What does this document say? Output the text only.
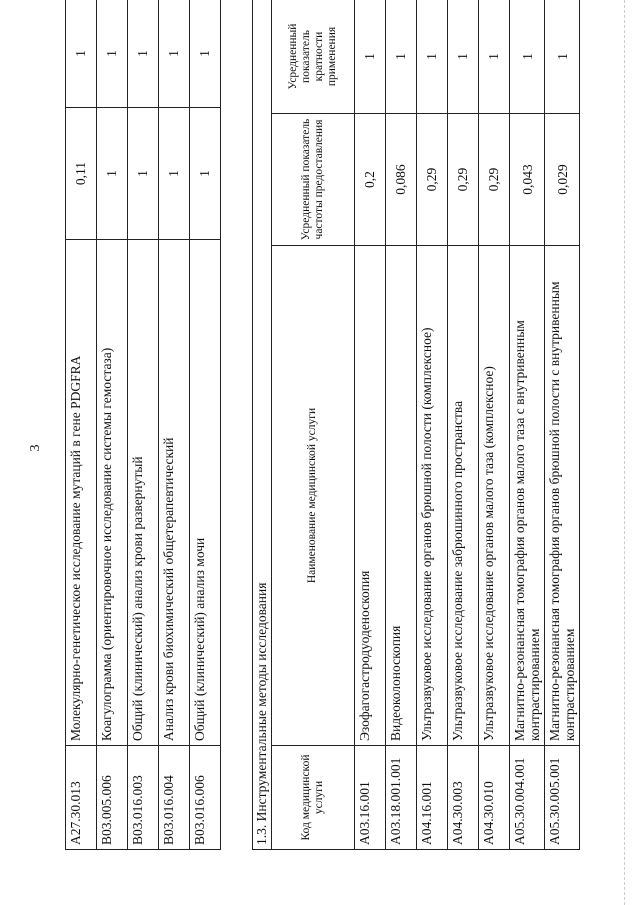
3
A27.30.013	Молекулярно-генетическое исследование мутаций в гене PDGFRA	0,11	1
B03.005.006	Коагулограмма (ориентировочное исследование системы гемостаза)	1	1
B03.016.003	Общий (клинический) анализ крови развернутый	1	1
B03.016.004	Анализ крови биохимический общетерапевтический	1	1
B03.016.006	Общий (клинический) анализ мочи	1	1
1.3. Инструментальные методы исследования			
Код медицинской услуги	Наименование медицинской услуги	Усредненный показатель частоты предоставления	Усредненный показатель кратности применения
A03.16.001	Эзофагогастродуоденоскопия	0,2	1
A03.18.001.001	Видеоколоноскопия	0,086	1
A04.16.001	Ультразвуковое исследование органов брюшной полости (комплексное)	0,29	1
A04.30.003	Ультразвуковое исследование забрюшинного пространства	0,29	1
A04.30.010	Ультразвуковое исследование органов малого таза (комплексное)	0,29	1
A05.30.004.001	Магнитно-резонансная томография органов малого таза с внутривенным контрастированием	0,043	1
A05.30.005.001	Магнитно-резонансная томография органов брюшной полости с внутривенным контрастированием	0,029	1
